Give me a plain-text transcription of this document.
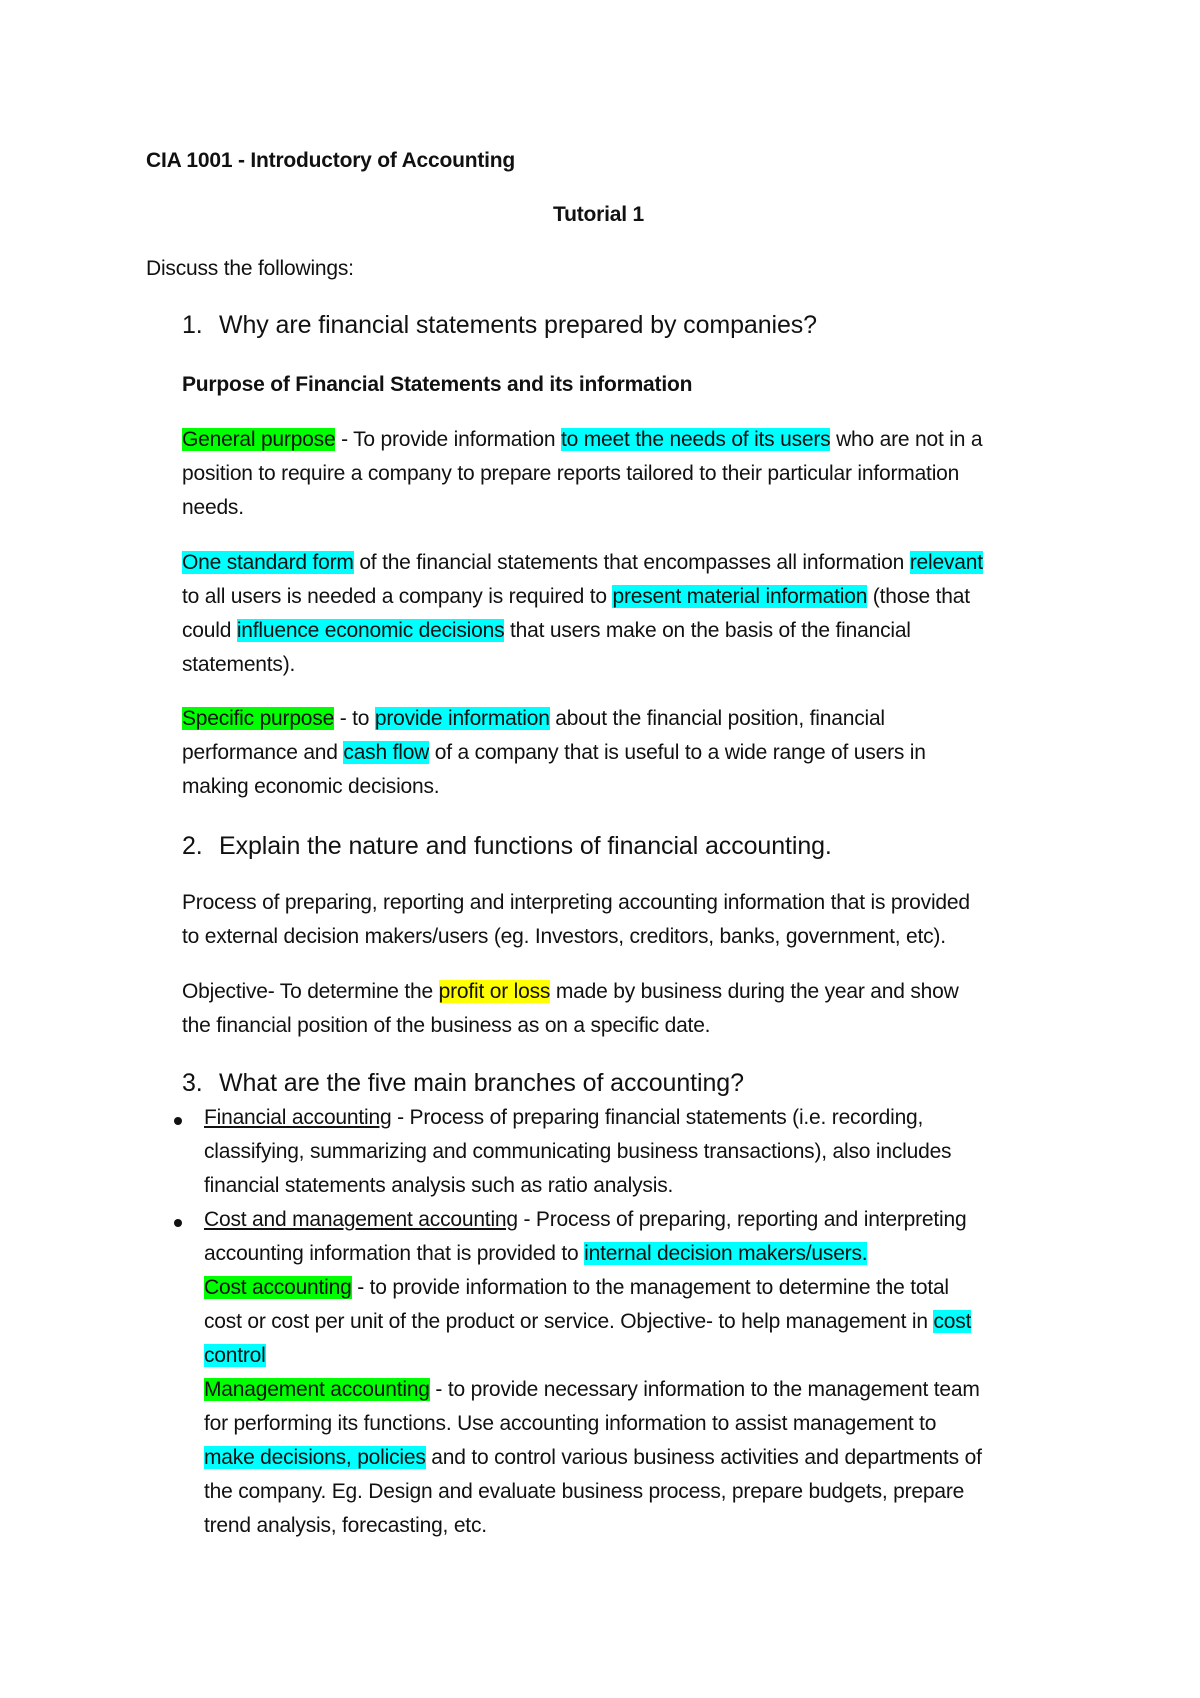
CIA 1001 - Introductory of Accounting
Tutorial 1
Discuss the followings:
1. Why are financial statements prepared by companies?
Purpose of Financial Statements and its information
General purpose - To provide information to meet the needs of its users who are not in a
position to require a company to prepare reports tailored to their particular information
needs.
One standard form of the financial statements that encompasses all information relevant
to all users is needed a company is required to present material information (those that
could influence economic decisions that users make on the basis of the financial
statements).
Specific purpose - to provide information about the financial position, financial
performance and cash flow of a company that is useful to a wide range of users in
making economic decisions.
2. Explain the nature and functions of financial accounting.
Process of preparing, reporting and interpreting accounting information that is provided
to external decision makers/users (eg. Investors, creditors, banks, government, etc).
Objective- To determine the profit or loss made by business during the year and show
the financial position of the business as on a specific date.
3. What are the five main branches of accounting?
Financial accounting - Process of preparing financial statements (i.e. recording,
classifying, summarizing and communicating business transactions), also includes
financial statements analysis such as ratio analysis.
Cost and management accounting - Process of preparing, reporting and interpreting
accounting information that is provided to internal decision makers/users.
Cost accounting - to provide information to the management to determine the total
cost or cost per unit of the product or service. Objective- to help management in cost
control
Management accounting - to provide necessary information to the management team
for performing its functions. Use accounting information to assist management to
make decisions, policies and to control various business activities and departments of
the company. Eg. Design and evaluate business process, prepare budgets, prepare
trend analysis, forecasting, etc.
